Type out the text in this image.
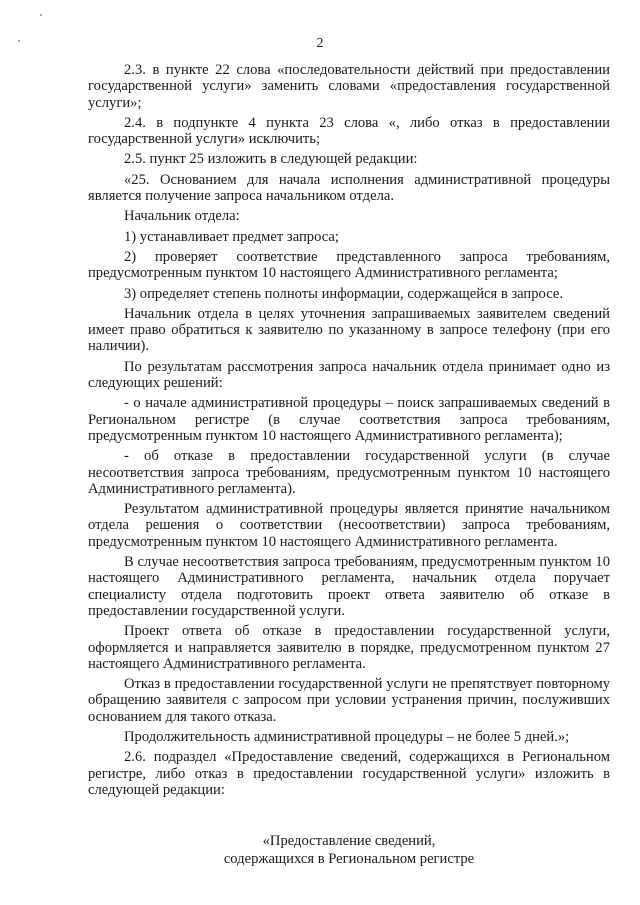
2

2.3. в пункте 22 слова «последовательности действий при предоставлении государственной услуги» заменить словами «предоставления государственной услуги»;

2.4. в подпункте 4 пункта 23 слова «, либо отказ в предоставлении государственной услуги» исключить;

2.5. пункт 25 изложить в следующей редакции:

«25. Основанием для начала исполнения административной процедуры является получение запроса начальником отдела.

Начальник отдела:

1) устанавливает предмет запроса;

2) проверяет соответствие представленного запроса требованиям, предусмотренным пунктом 10 настоящего Административного регламента;

3) определяет степень полноты информации, содержащейся в запросе.

Начальник отдела в целях уточнения запрашиваемых заявителем сведений имеет право обратиться к заявителю по указанному в запросе телефону (при его наличии).

По результатам рассмотрения запроса начальник отдела принимает одно из следующих решений:

- о начале административной процедуры – поиск запрашиваемых сведений в Региональном регистре (в случае соответствия запроса требованиям, предусмотренным пунктом 10 настоящего Административного регламента);

- об отказе в предоставлении государственной услуги (в случае несоответствия запроса требованиям, предусмотренным пунктом 10 настоящего Административного регламента).

Результатом административной процедуры является принятие начальником отдела решения о соответствии (несоответствии) запроса требованиям, предусмотренным пунктом 10 настоящего Административного регламента.

В случае несоответствия запроса требованиям, предусмотренным пунктом 10 настоящего Административного регламента, начальник отдела поручает специалисту отдела подготовить проект ответа заявителю об отказе в предоставлении государственной услуги.

Проект ответа об отказе в предоставлении государственной услуги, оформляется и направляется заявителю в порядке, предусмотренном пунктом 27 настоящего Административного регламента.

Отказ в предоставлении государственной услуги не препятствует повторному обращению заявителя с запросом при условии устранения причин, послуживших основанием для такого отказа.

Продолжительность административной процедуры – не более 5 дней.»;

2.6. подраздел «Предоставление сведений, содержащихся в Региональном регистре, либо отказ в предоставлении государственной услуги» изложить в следующей редакции:

«Предоставление сведений,
содержащихся в Региональном регистре
